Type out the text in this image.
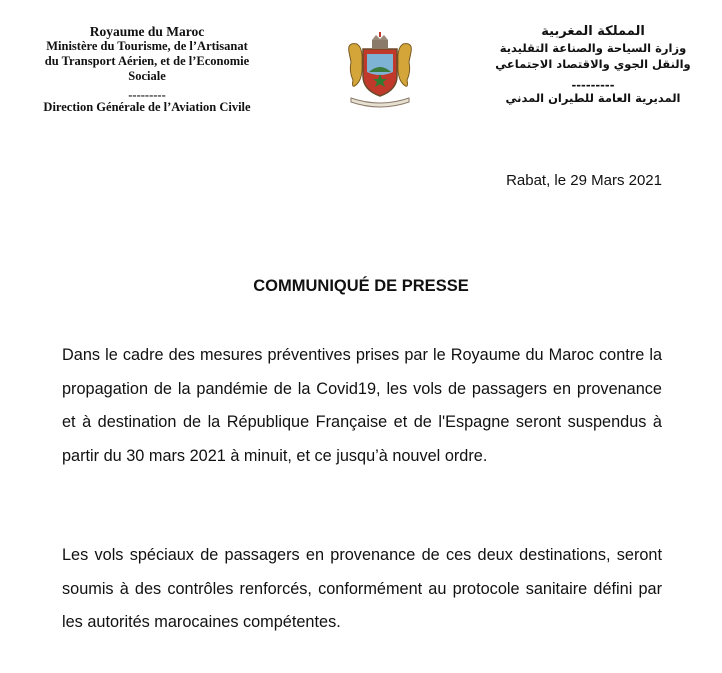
Royaume du Maroc
Ministère du Tourisme, de l’Artisanat
du Transport Aérien, et de l’Economie
Sociale
---------
Direction Générale de l’Aviation Civile
المملكة المغربية
وزارة السياحة والصناعة التقليدية
والنقل الجوي والاقتصاد الاجتماعي
---------
المديرية العامة للطيران المدني
Rabat, le 29 Mars 2021
COMMUNIQUÉ DE PRESSE
Dans le cadre des mesures préventives prises par le Royaume du Maroc contre la propagation de la pandémie de la Covid19, les vols de passagers en provenance et à destination de la République Française et de l'Espagne seront suspendus à partir du 30 mars 2021 à minuit, et ce jusqu’à nouvel ordre.
Les vols spéciaux de passagers en provenance de ces deux destinations, seront soumis à des contrôles renforcés, conformément au protocole sanitaire défini par les autorités marocaines compétentes.
